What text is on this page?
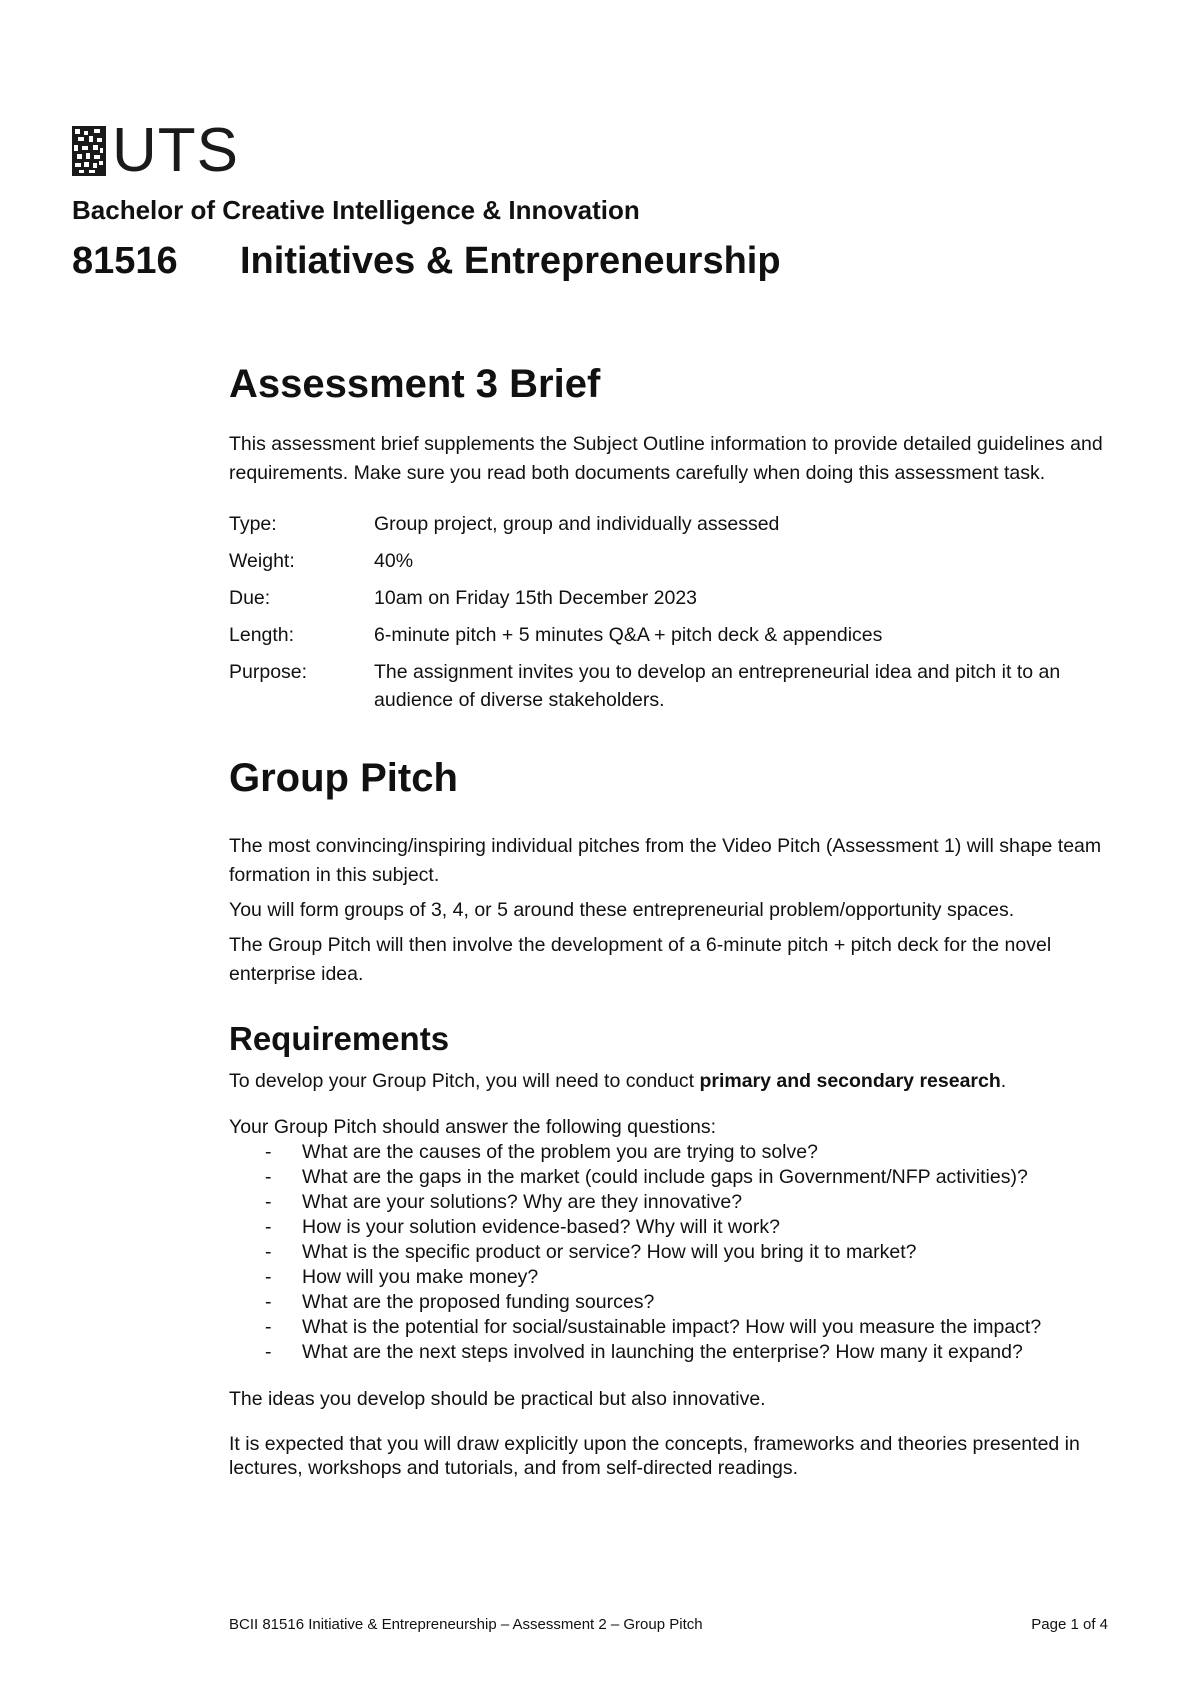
UTS
Bachelor of Creative Intelligence & Innovation
81516 Initiatives & Entrepreneurship
Assessment 3 Brief

This assessment brief supplements the Subject Outline information to provide detailed guidelines and requirements. Make sure you read both documents carefully when doing this assessment task.

Type:	Group project, group and individually assessed
Weight:	40%
Due:	10am on Friday 15th December 2023
Length:	6-minute pitch + 5 minutes Q&A + pitch deck & appendices
Purpose:	The assignment invites you to develop an entrepreneurial idea and pitch it to an audience of diverse stakeholders.
Group Pitch

The most convincing/inspiring individual pitches from the Video Pitch (Assessment 1) will shape team formation in this subject.

You will form groups of 3, 4, or 5 around these entrepreneurial problem/opportunity spaces.

The Group Pitch will then involve the development of a 6-minute pitch + pitch deck for the novel enterprise idea.

Requirements

To develop your Group Pitch, you will need to conduct primary and secondary research.

Your Group Pitch should answer the following questions:

- What are the causes of the problem you are trying to solve?
- What are the gaps in the market (could include gaps in Government/NFP activities)?
- What are your solutions? Why are they innovative?
- How is your solution evidence-based? Why will it work?
- What is the specific product or service? How will you bring it to market?
- How will you make money?
- What are the proposed funding sources?
- What is the potential for social/sustainable impact? How will you measure the impact?
- What are the next steps involved in launching the enterprise? How many it expand?

The ideas you develop should be practical but also innovative.

It is expected that you will draw explicitly upon the concepts, frameworks and theories presented in lectures, workshops and tutorials, and from self-directed readings.

BCII 81516 Initiative & Entrepreneurship – Assessment 2 – Group Pitch	Page 1 of 4
